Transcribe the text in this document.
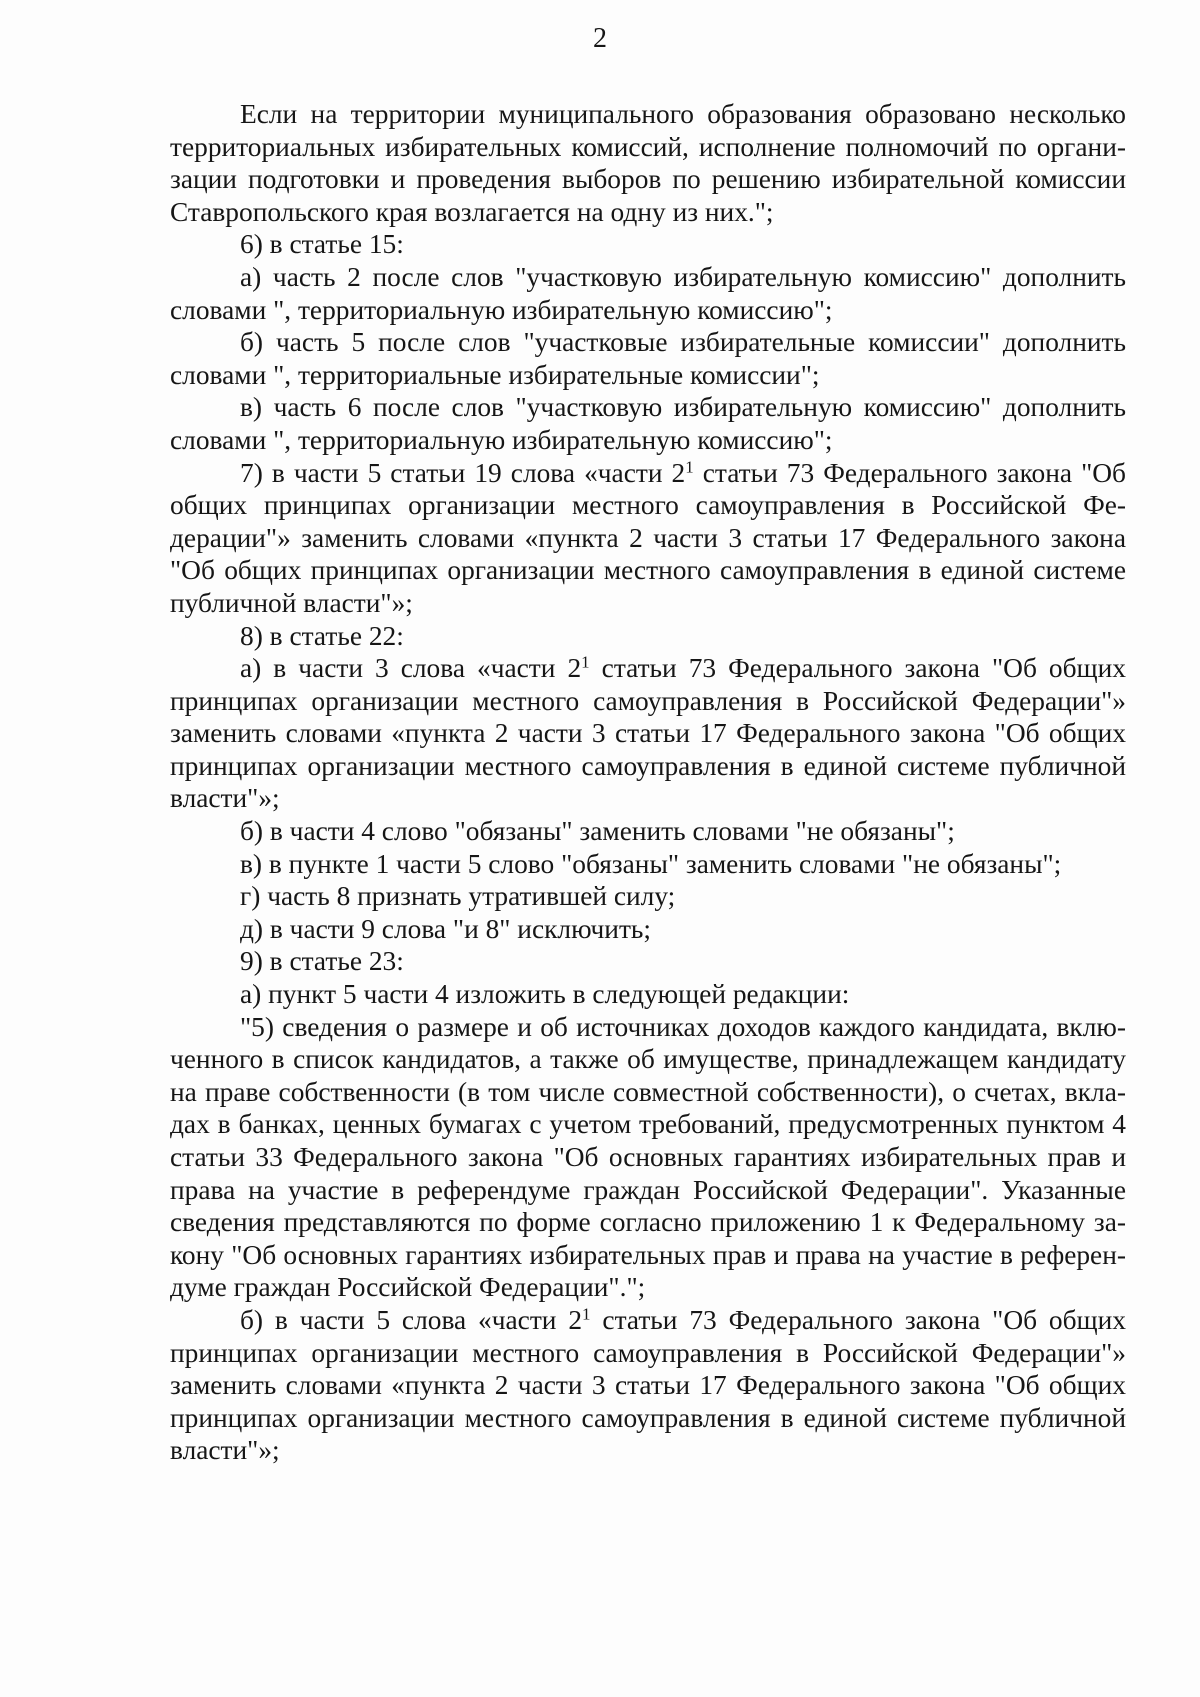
2

Если на территории муниципального образования образовано несколько территориальных избирательных комиссий, исполнение полномочий по организации подготовки и проведения выборов по решению избирательной комиссии Ставропольского края возлагается на одну из них.";

6) в статье 15:

а) часть 2 после слов "участковую избирательную комиссию" дополнить словами ", территориальную избирательную комиссию";

б) часть 5 после слов "участковые избирательные комиссии" дополнить словами ", территориальные избирательные комиссии";

в) часть 6 после слов "участковую избирательную комиссию" дополнить словами ", территориальную избирательную комиссию";

7) в части 5 статьи 19 слова «части $2^1$ статьи 73 Федерального закона "Об общих принципах организации местного самоуправления в Российской Федерации"» заменить словами «пункта 2 части 3 статьи 17 Федерального закона "Об общих принципах организации местного самоуправления в единой системе публичной власти"»;

8) в статье 22:

а) в части 3 слова «части $2^1$ статьи 73 Федерального закона "Об общих принципах организации местного самоуправления в Российской Федерации"» заменить словами «пункта 2 части 3 статьи 17 Федерального закона "Об общих принципах организации местного самоуправления в единой системе публичной власти"»;

б) в части 4 слово "обязаны" заменить словами "не обязаны";

в) в пункте 1 части 5 слово "обязаны" заменить словами "не обязаны";

г) часть 8 признать утратившей силу;

д) в части 9 слова "и 8" исключить;

9) в статье 23:

а) пункт 5 части 4 изложить в следующей редакции:

"5) сведения о размере и об источниках доходов каждого кандидата, включенного в список кандидатов, а также об имуществе, принадлежащем кандидату на праве собственности (в том числе совместной собственности), о счетах, вкладах в банках, ценных бумагах с учетом требований, предусмотренных пунктом 4 статьи 33 Федерального закона "Об основных гарантиях избирательных прав и права на участие в референдуме граждан Российской Федерации". Указанные сведения представляются по форме согласно приложению 1 к Федеральному закону "Об основных гарантиях избирательных прав и права на участие в референдуме граждан Российской Федерации".";

б) в части 5 слова «части $2^1$ статьи 73 Федерального закона "Об общих принципах организации местного самоуправления в Российской Федерации"» заменить словами «пункта 2 части 3 статьи 17 Федерального закона "Об общих принципах организации местного самоуправления в единой системе публичной власти"»;
